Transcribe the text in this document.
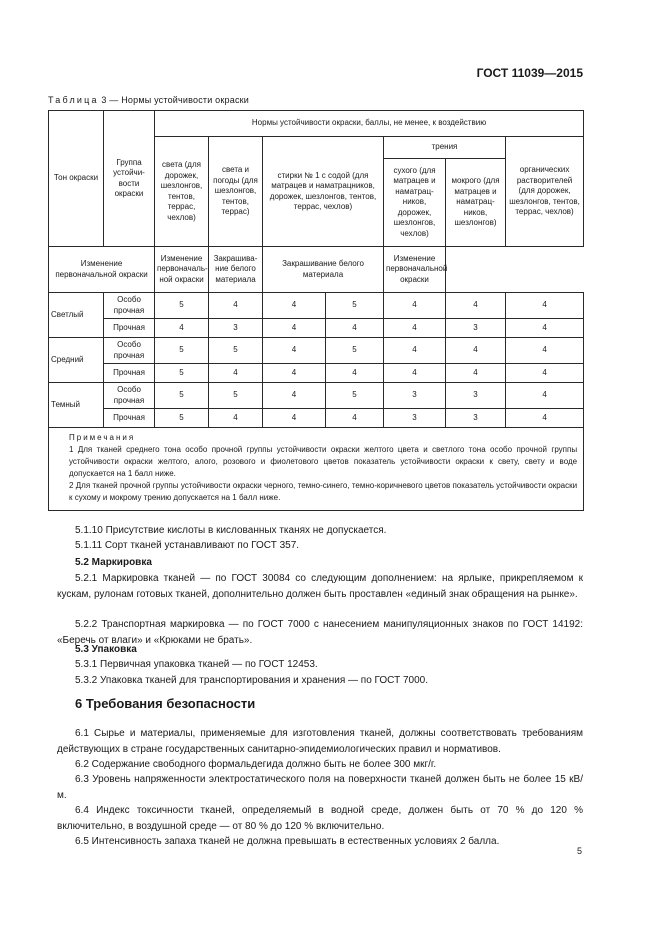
ГОСТ 11039—2015
Таблица 3 — Нормы устойчивости окраски
Тон окраски	Группа устойчи-вости окраски	Нормы устойчивости окраски, баллы, не менее, к воздействию						
		света (для дорожек, шезлонгов, тентов, террас, чехлов)	света и погоды (для шезлонгов, тентов, террас)	стирки № 1 с содой (для матрацев и наматрацников, дорожек, шезлонгов, тентов, террас, чехлов)		трения		органических растворителей (для дорожек, шезлонгов, тентов, террас, чехлов)
						сухого (для матрацев и наматрац-ников, дорожек, шезлонгов, чехлов)	мокрого (для матрацев и наматрац-ников, шезлонгов)	
Изменение первоначальной окраски		Изменение первоначаль-ной окраски	Закрашива-ние белого материала	Закрашивание белого материала		Изменение первоначальной окраски		
Светлый	Особо прочная	5	4	4	5	4	4	4
	Прочная	4	3	4	4	4	3	4
Средний	Особо прочная	5	5	4	5	4	4	4
	Прочная	5	4	4	4	4	4	4
Темный	Особо прочная	5	5	4	5	3	3	4
	Прочная	5	4	4	4	3	3	4

Примечания

1 Для тканей среднего тона особо прочной группы устойчивости окраски желтого цвета и светлого тона особо прочной группы устойчивости окраски желтого, алого, розового и фиолетового цветов показатель устойчивости окраски к свету, свету и воде допускается на 1 балл ниже.

2 Для тканей прочной группы устойчивости окраски черного, темно-синего, темно-коричневого цветов показатель устойчивости окраски к сухому и мокрому трению допускается на 1 балл ниже.								

5.1.10 Присутствие кислоты в кислованных тканях не допускается.
5.1.11 Сорт тканей устанавливают по ГОСТ 357.
5.2 Маркировка
5.2.1 Маркировка тканей — по ГОСТ 30084 со следующим дополнением: на ярлыке, прикрепляемом к кускам, рулонам готовых тканей, дополнительно должен быть проставлен «единый знак обращения на рынке».
5.2.2 Транспортная маркировка — по ГОСТ 7000 с нанесением манипуляционных знаков по ГОСТ 14192: «Беречь от влаги» и «Крюками не брать».
5.3 Упаковка
5.3.1 Первичная упаковка тканей — по ГОСТ 12453.
5.3.2 Упаковка тканей для транспортирования и хранения — по ГОСТ 7000.
6 Требования безопасности
6.1 Сырье и материалы, применяемые для изготовления тканей, должны соответствовать требованиям действующих в стране государственных санитарно-эпидемиологических правил и нормативов.
6.2 Содержание свободного формальдегида должно быть не более 300 мкг/г.
6.3 Уровень напряженности электростатического поля на поверхности тканей должен быть не более 15 кВ/м.
6.4 Индекс токсичности тканей, определяемый в водной среде, должен быть от 70 % до 120 % включительно, в воздушной среде — от 80 % до 120 % включительно.
6.5 Интенсивность запаха тканей не должна превышать в естественных условиях 2 балла.
5
